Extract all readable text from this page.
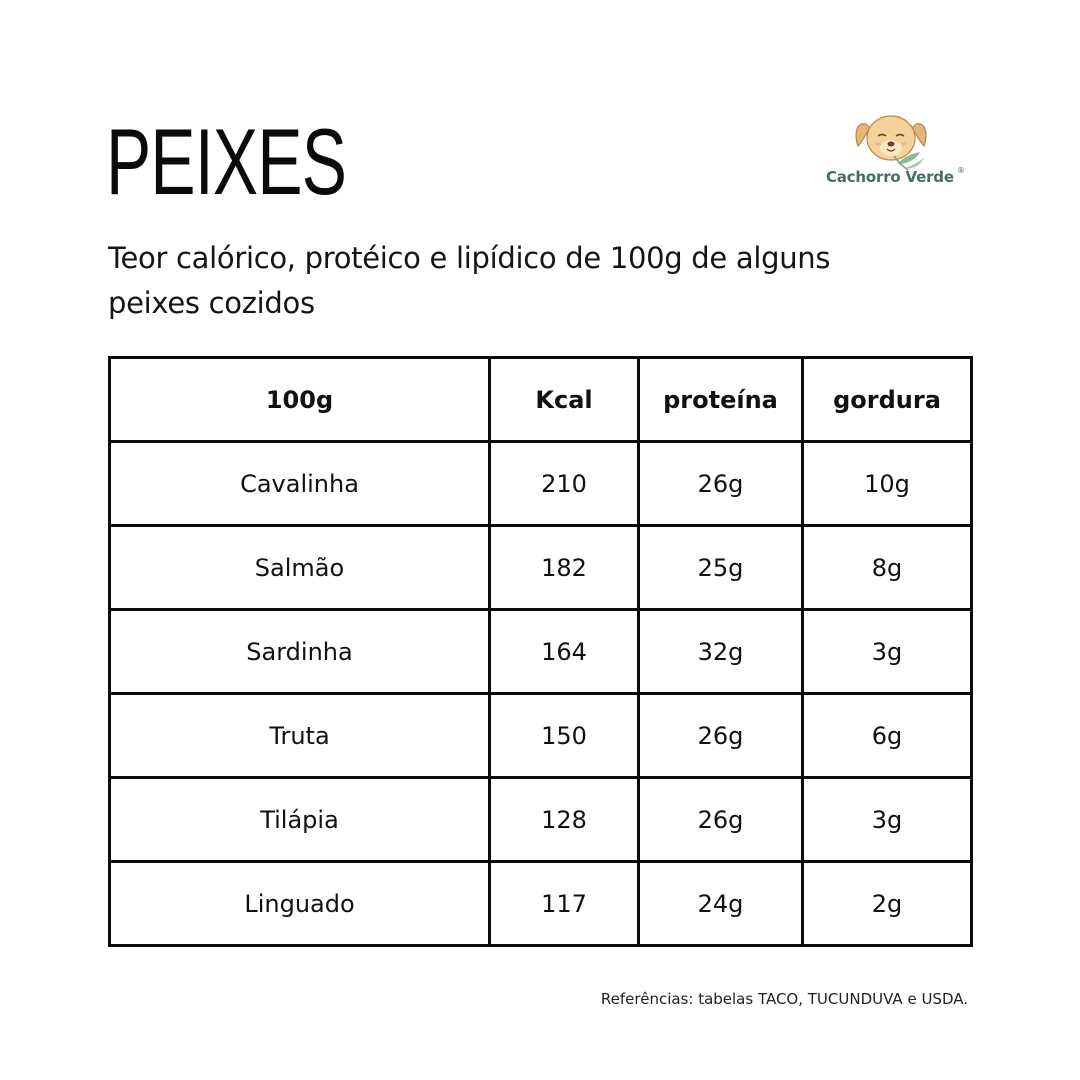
PEIXES	Cachorro Verde ®

Teor calórico, protéico e lipídico de 100g de alguns peixes cozidos

100g	Kcal	proteína	gordura
Cavalinha	210	26g	10g
Salmão	182	25g	8g
Sardinha	164	32g	3g
Truta	150	26g	6g
Tilápia	128	26g	3g
Linguado	117	24g	2g
Referências: tabelas TACO, TUCUNDUVA e USDA.
